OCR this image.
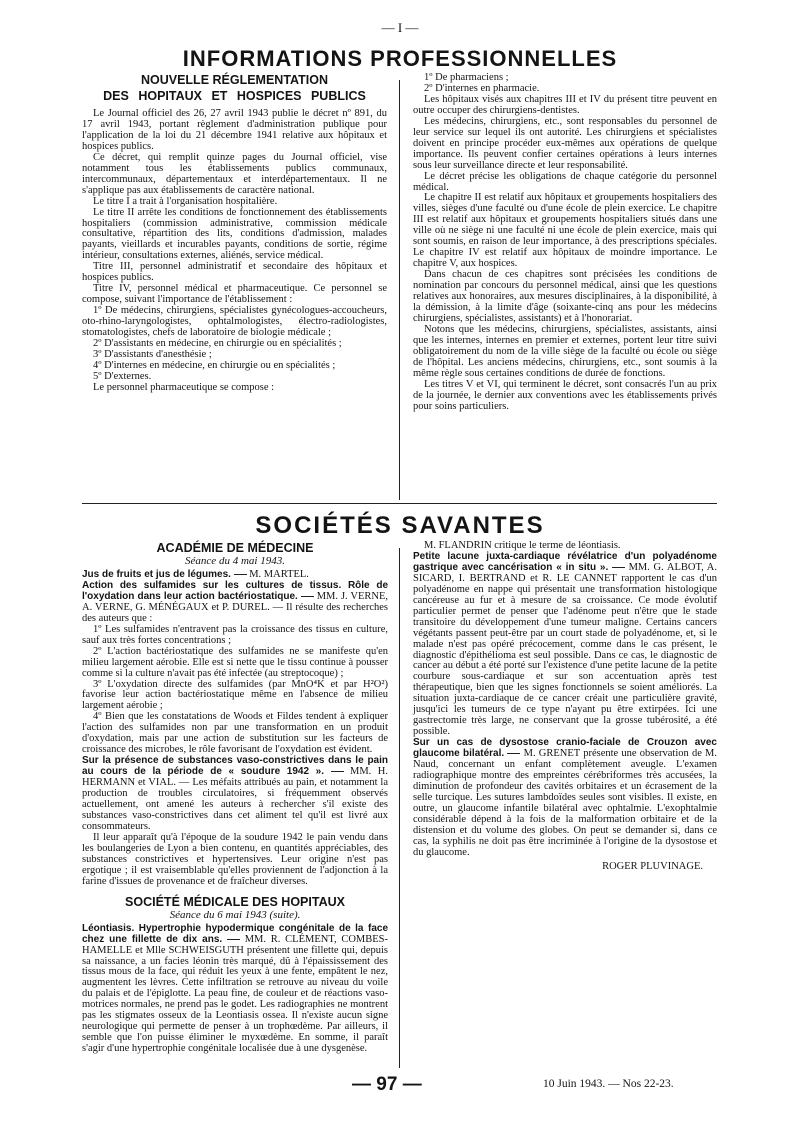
— I —
INFORMATIONS PROFESSIONNELLES
NOUVELLE RÉGLEMENTATION
DES HOPITAUX ET HOSPICES PUBLICS

Le Journal officiel des 26, 27 avril 1943 publie le décret nº 891, du 17 avril 1943, portant règlement d'administration publique pour l'application de la loi du 21 décembre 1941 relative aux hôpitaux et hospices publics.

Ce décret, qui remplit quinze pages du Journal officiel, vise notamment tous les établissements publics communaux, intercommunaux, départementaux et interdépartementaux. Il ne s'applique pas aux établissements de caractère national.

Le titre I a trait à l'organisation hospitalière.

Le titre II arrête les conditions de fonctionnement des établissements hospitaliers (commission administrative, commission médicale consultative, répartition des lits, conditions d'admission, malades payants, vieillards et incurables payants, conditions de sortie, régime intérieur, consultations externes, aliénés, service médical.

Titre III, personnel administratif et secondaire des hôpitaux et hospices publics.

Titre IV, personnel médical et pharmaceutique. Ce personnel se compose, suivant l'importance de l'établissement :

1º De médecins, chirurgiens, spécialistes gynécologues-accoucheurs, oto-rhino-laryngologistes, ophtalmologistes, électro-radiologistes, stomatologistes, chefs de laboratoire de biologie médicale ;

2º D'assistants en médecine, en chirurgie ou en spécialités ;

3º D'assistants d'anesthésie ;

4º D'internes en médecine, en chirurgie ou en spécialités ;

5º D'externes.

Le personnel pharmaceutique se compose :

1º De pharmaciens ;

2º D'internes en pharmacie.

Les hôpitaux visés aux chapitres III et IV du présent titre peuvent en outre occuper des chirurgiens-dentistes.

Les médecins, chirurgiens, etc., sont responsables du personnel de leur service sur lequel ils ont autorité. Les chirurgiens et spécialistes doivent en principe procéder eux-mêmes aux opérations de quelque importance. Ils peuvent confier certaines opérations à leurs internes sous leur surveillance directe et leur responsabilité.

Le décret précise les obligations de chaque catégorie du personnel médical.

Le chapitre II est relatif aux hôpitaux et groupements hospitaliers des villes, sièges d'une faculté ou d'une école de plein exercice. Le chapitre III est relatif aux hôpitaux et groupements hospitaliers situés dans une ville où ne siège ni une faculté ni une école de plein exercice, mais qui sont soumis, en raison de leur importance, à des prescriptions spéciales. Le chapitre IV est relatif aux hôpitaux de moindre importance. Le chapitre V, aux hospices.

Dans chacun de ces chapitres sont précisées les conditions de nomination par concours du personnel médical, ainsi que les questions relatives aux honoraires, aux mesures disciplinaires, à la disponibilité, à la démission, à la limite d'âge (soixante-cinq ans pour les médecins chirurgiens, spécialistes, assistants) et à l'honorariat.

Notons que les médecins, chirurgiens, spécialistes, assistants, ainsi que les internes, internes en premier et externes, portent leur titre suivi obligatoirement du nom de la ville siège de la faculté ou école ou siège de l'hôpital. Les anciens médecins, chirurgiens, etc., sont soumis à la même règle sous certaines conditions de durée de fonctions.

Les titres V et VI, qui terminent le décret, sont consacrés l'un au prix de la journée, le dernier aux conventions avec les établissements privés pour soins particuliers.

SOCIÉTÉS SAVANTES
ACADÉMIE DE MÉDECINE
Séance du 4 mai 1943.

Jus de fruits et jus de légumes. M. MARTEL.

Action des sulfamides sur les cultures de tissus. Rôle de l'oxydation dans leur action bactériostatique. MM. J. VERNE, A. VERNE, G. MÉNÉGAUX et P. DUREL. — Il résulte des recherches des auteurs que :

1º Les sulfamides n'entravent pas la croissance des tissus en culture, sauf aux très fortes concentrations ;

2º L'action bactériostatique des sulfamides ne se manifeste qu'en milieu largement aérobie. Elle est si nette que le tissu continue à pousser comme si la culture n'avait pas été infectée (au streptocoque) ;

3º L'oxydation directe des sulfamides (par MnO⁴K et par H²O²) favorise leur action bactériostatique même en l'absence de milieu largement aérobie ;

4º Bien que les constatations de Woods et Fildes tendent à expliquer l'action des sulfamides non par une transformation en un produit d'oxydation, mais par une action de substitution sur les facteurs de croissance des microbes, le rôle favorisant de l'oxydation est évident.

Sur la présence de substances vaso-constrictives dans le pain au cours de la période de « soudure 1942 ». MM. H. HERMANN et VIAL. — Les méfaits attribués au pain, et notamment la production de troubles circulatoires, si fréquemment observés actuellement, ont amené les auteurs à rechercher s'il existe des substances vaso-constrictives dans cet aliment tel qu'il est livré aux consommateurs.

Il leur apparaît qu'à l'époque de la soudure 1942 le pain vendu dans les boulangeries de Lyon a bien contenu, en quantités appréciables, des substances constrictives et hypertensives. Leur origine n'est pas ergotique ; il est vraisemblable qu'elles proviennent de l'adjonction à la farine d'issues de provenance et de fraîcheur diverses.

SOCIÉTÉ MÉDICALE DES HOPITAUX
Séance du 6 mai 1943 (suite).

Léontiasis. Hypertrophie hypodermique congénitale de la face chez une fillette de dix ans. MM. R. CLÉMENT, COMBES-HAMELLE et Mlle SCHWEISGUTH présentent une fillette qui, depuis sa naissance, a un facies léonin très marqué, dû à l'épaississement des tissus mous de la face, qui réduit les yeux à une fente, empâtent le nez, augmentent les lèvres. Cette infiltration se retrouve au niveau du voile du palais et de l'épiglotte. La peau fine, de couleur et de réactions vaso-motrices normales, ne prend pas le godet. Les radiographies ne montrent pas les stigmates osseux de la Leontiasis ossea. Il n'existe aucun signe neurologique qui permette de penser à un trophœdème. Par ailleurs, il semble que l'on puisse éliminer le myxœdème. En somme, il paraît s'agir d'une hypertrophie congénitale localisée due à une dysgenèse.

M. FLANDRIN critique le terme de léontiasis.

Petite lacune juxta-cardiaque révélatrice d'un polyadénome gastrique avec cancérisation « in situ ». MM. G. ALBOT, A. SICARD, I. BERTRAND et R. LE CANNET rapportent le cas d'un polyadénome en nappe qui présentait une transformation histologique cancéreuse au fur et à mesure de sa croissance. Ce mode évolutif particulier permet de penser que l'adénome peut n'être que le stade transitoire du développement d'une tumeur maligne. Certains cancers végétants passent peut-être par un court stade de polyadénome, et, si le malade n'est pas opéré précocement, comme dans le cas présent, le diagnostic d'épithélioma est seul possible. Dans ce cas, le diagnostic de cancer au début a été porté sur l'existence d'une petite lacune de la petite courbure sous-cardiaque et sur son accentuation après test thérapeutique, bien que les signes fonctionnels se soient améliorés. La situation juxta-cardiaque de ce cancer créait une particulière gravité, jusqu'ici les tumeurs de ce type n'ayant pu être extirpées. Ici une gastrectomie très large, ne conservant que la grosse tubérosité, a été possible.

Sur un cas de dysostose cranio-faciale de Crouzon avec glaucome bilatéral. M. GRENET présente une observation de M. Naud, concernant un enfant complètement aveugle. L'examen radiographique montre des empreintes cérébriformes très accusées, la diminution de profondeur des cavités orbitaires et un écrasement de la selle turcique. Les sutures lambdoïdes seules sont visibles. Il existe, en outre, un glaucome infantile bilatéral avec ophtalmie. L'exophtalmie considérable dépend à la fois de la malformation orbitaire et de la distension et du volume des globes. On peut se demander si, dans ce cas, la syphilis ne doit pas être incriminée à l'origine de la dysostose et du glaucome.

ROGER PLUVINAGE.
— 97 —	10 Juin 1943. — Nos 22-23.
